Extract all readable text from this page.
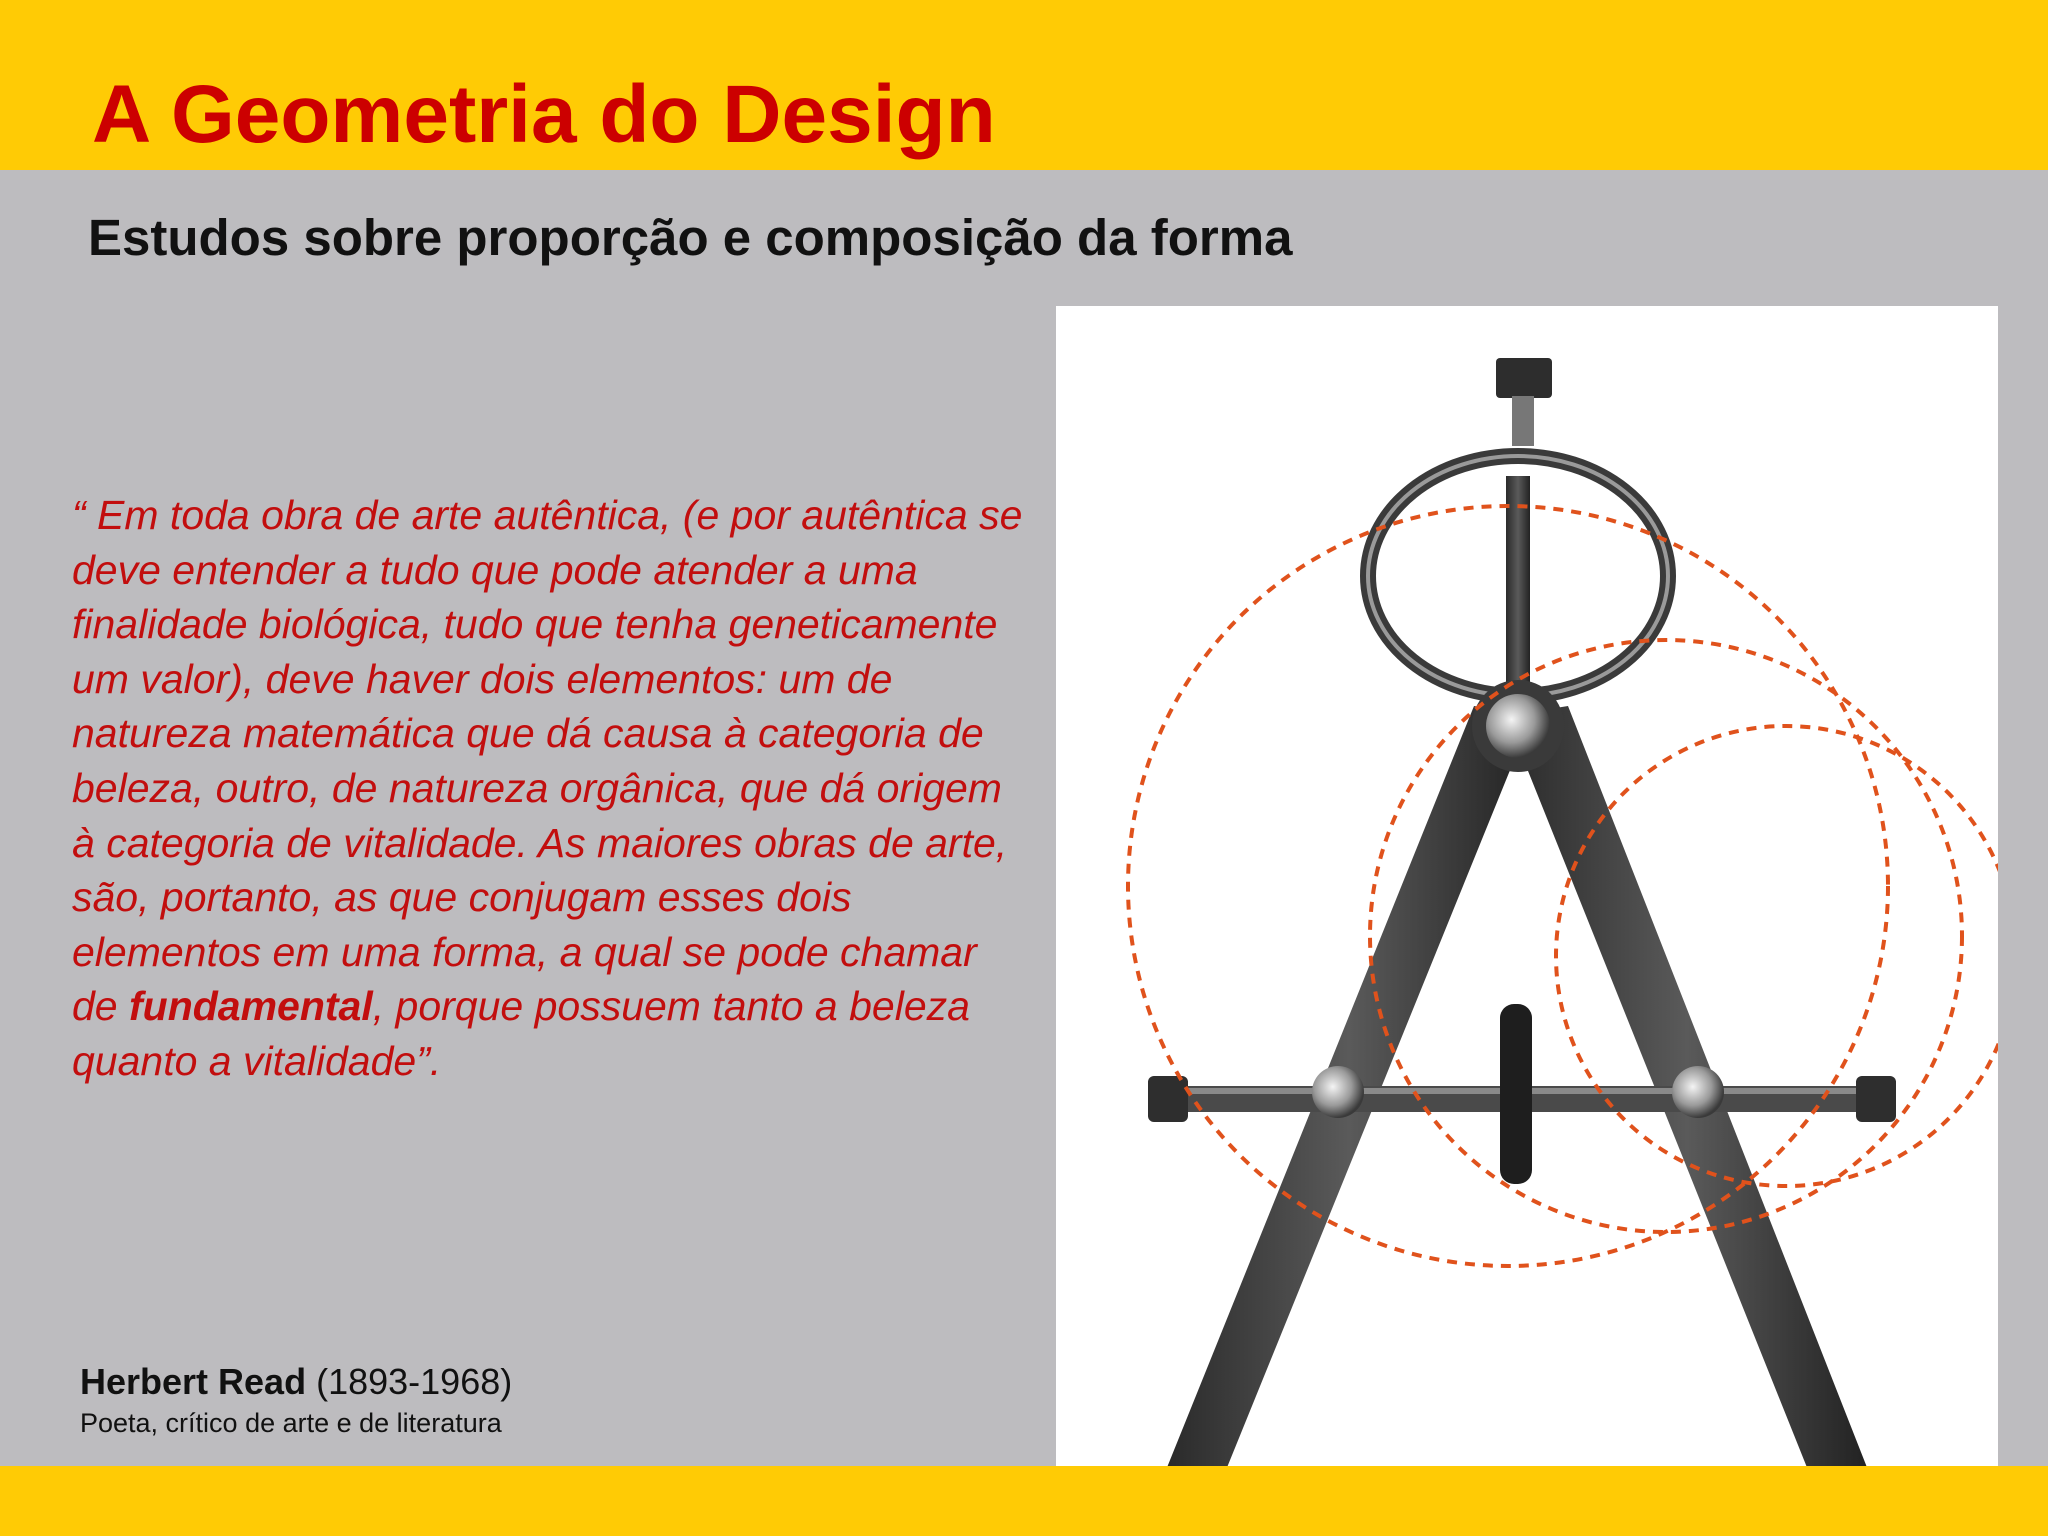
A Geometria do Design
Estudos sobre proporção e composição da forma

“ Em toda obra de arte autêntica, (e por autêntica se deve entender a tudo que pode atender a uma finalidade biológica, tudo que tenha geneticamente um valor), deve haver dois elementos: um de natureza matemática que dá causa à categoria de beleza, outro, de natureza orgânica, que dá origem à categoria de vitalidade. As maiores obras de arte, são, portanto, as que conjugam esses dois elementos em uma forma, a qual se pode chamar de fundamental, porque possuem tanto a beleza quanto a vitalidade”.

Herbert Read (1893-1968)
Poeta, crítico de arte e de literatura
